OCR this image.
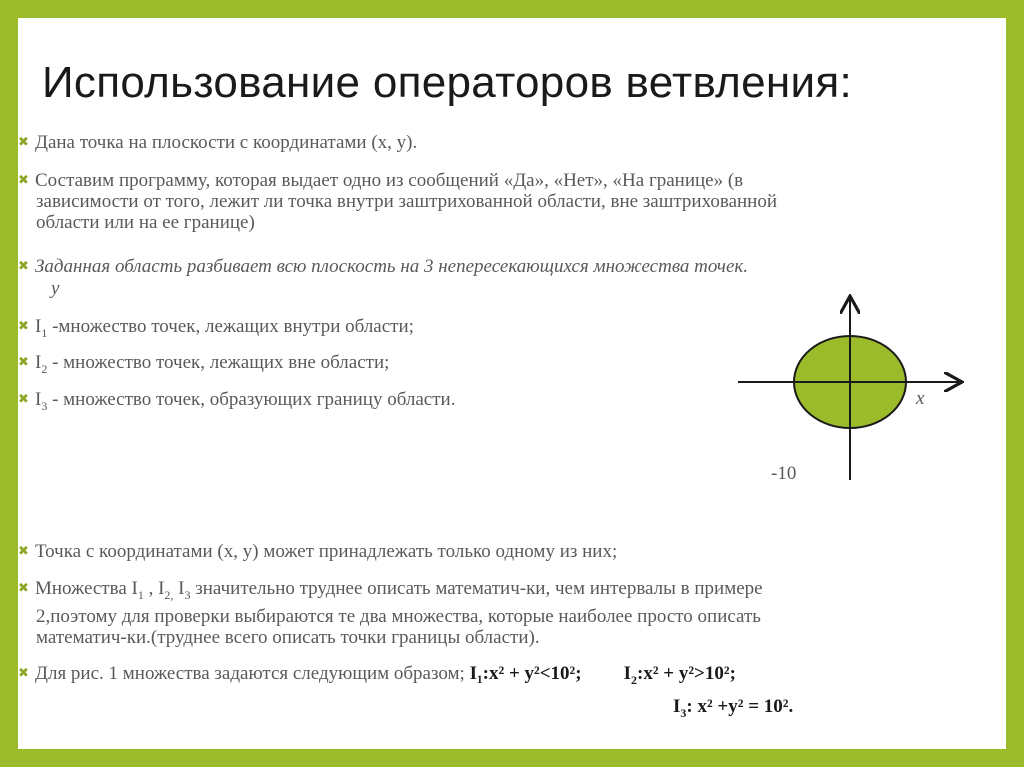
Использование операторов ветвления:
✖ Дана точка на плоскости с координатами (x, y).
✖ Составим программу, которая выдает одно из сообщений «Да», «Нет», «На границе» (в
зависимости от того, лежит ли точка внутри заштрихованной области, вне заштрихованной
области или на ее границе)
✖ Заданная область разбивает всю плоскость на 3 непересекающихся множества точек.
y
✖ $I_1$ -множество точек, лежащих внутри области;
✖ $I_2$ - множество точек, лежащих вне области;
✖ $I_3$ - множество точек, образующих границу области.	x
-10
✖ Точка с координатами (x, y) может принадлежать только одному из них;
✖ Множества $I_1$ , $I_{2,}$ $I_3$ значительно труднее описать математич-ки, чем интервалы в примере
2,поэтому для проверки выбираются те два множества, которые наиболее просто описать
математич-ки.(труднее всего описать точки границы области).
✖ Для рис. 1 множества задаются следующим образом; I₁:x² + y²<10²; $I_2:x^2 + y^2>10^2$;
$I_3$: x² +y² = 10².
